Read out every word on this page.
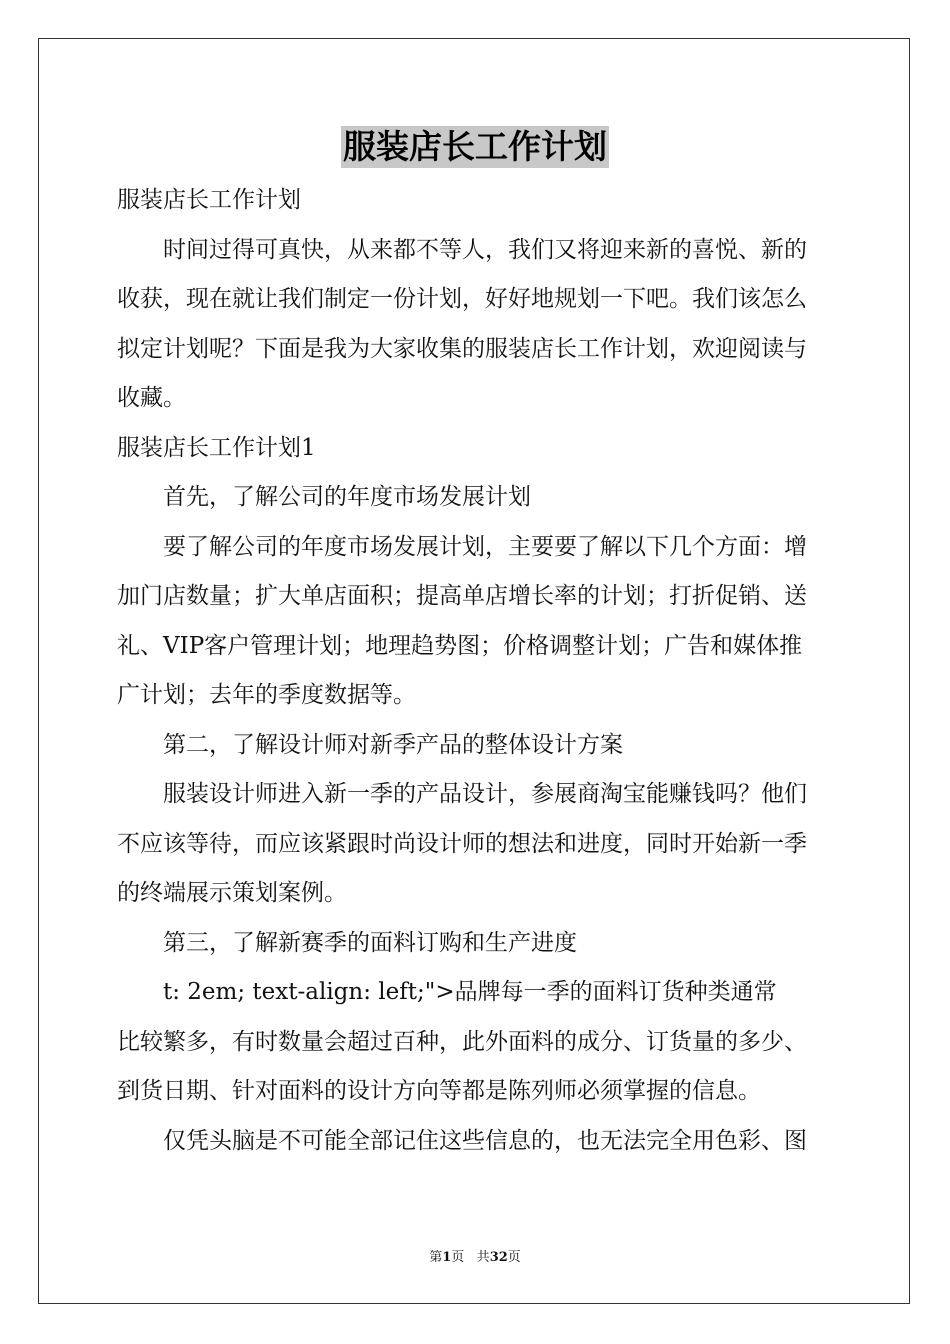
服装店长工作计划

服装店长工作计划

时间过得可真快，从来都不等人，我们又将迎来新的喜悦、新的

收获，现在就让我们制定一份计划，好好地规划一下吧。我们该怎么

拟定计划呢？下面是我为大家收集的服装店长工作计划，欢迎阅读与

收藏。

服装店长工作计划1

首先，了解公司的年度市场发展计划

要了解公司的年度市场发展计划，主要要了解以下几个方面：增

加门店数量；扩大单店面积；提高单店增长率的计划；打折促销、送

礼、VIP客户管理计划；地理趋势图；价格调整计划；广告和媒体推

广计划；去年的季度数据等。

第二，了解设计师对新季产品的整体设计方案

服装设计师进入新一季的产品设计，参展商淘宝能赚钱吗？他们

不应该等待，而应该紧跟时尚设计师的想法和进度，同时开始新一季

的终端展示策划案例。

第三，了解新赛季的面料订购和生产进度

t: 2em; text-align: left;">品牌每一季的面料订货种类通常

比较繁多，有时数量会超过百种，此外面料的成分、订货量的多少、

到货日期、针对面料的设计方向等都是陈列师必须掌握的信息。

仅凭头脑是不可能全部记住这些信息的，也无法完全用色彩、图

第1页 共32页
